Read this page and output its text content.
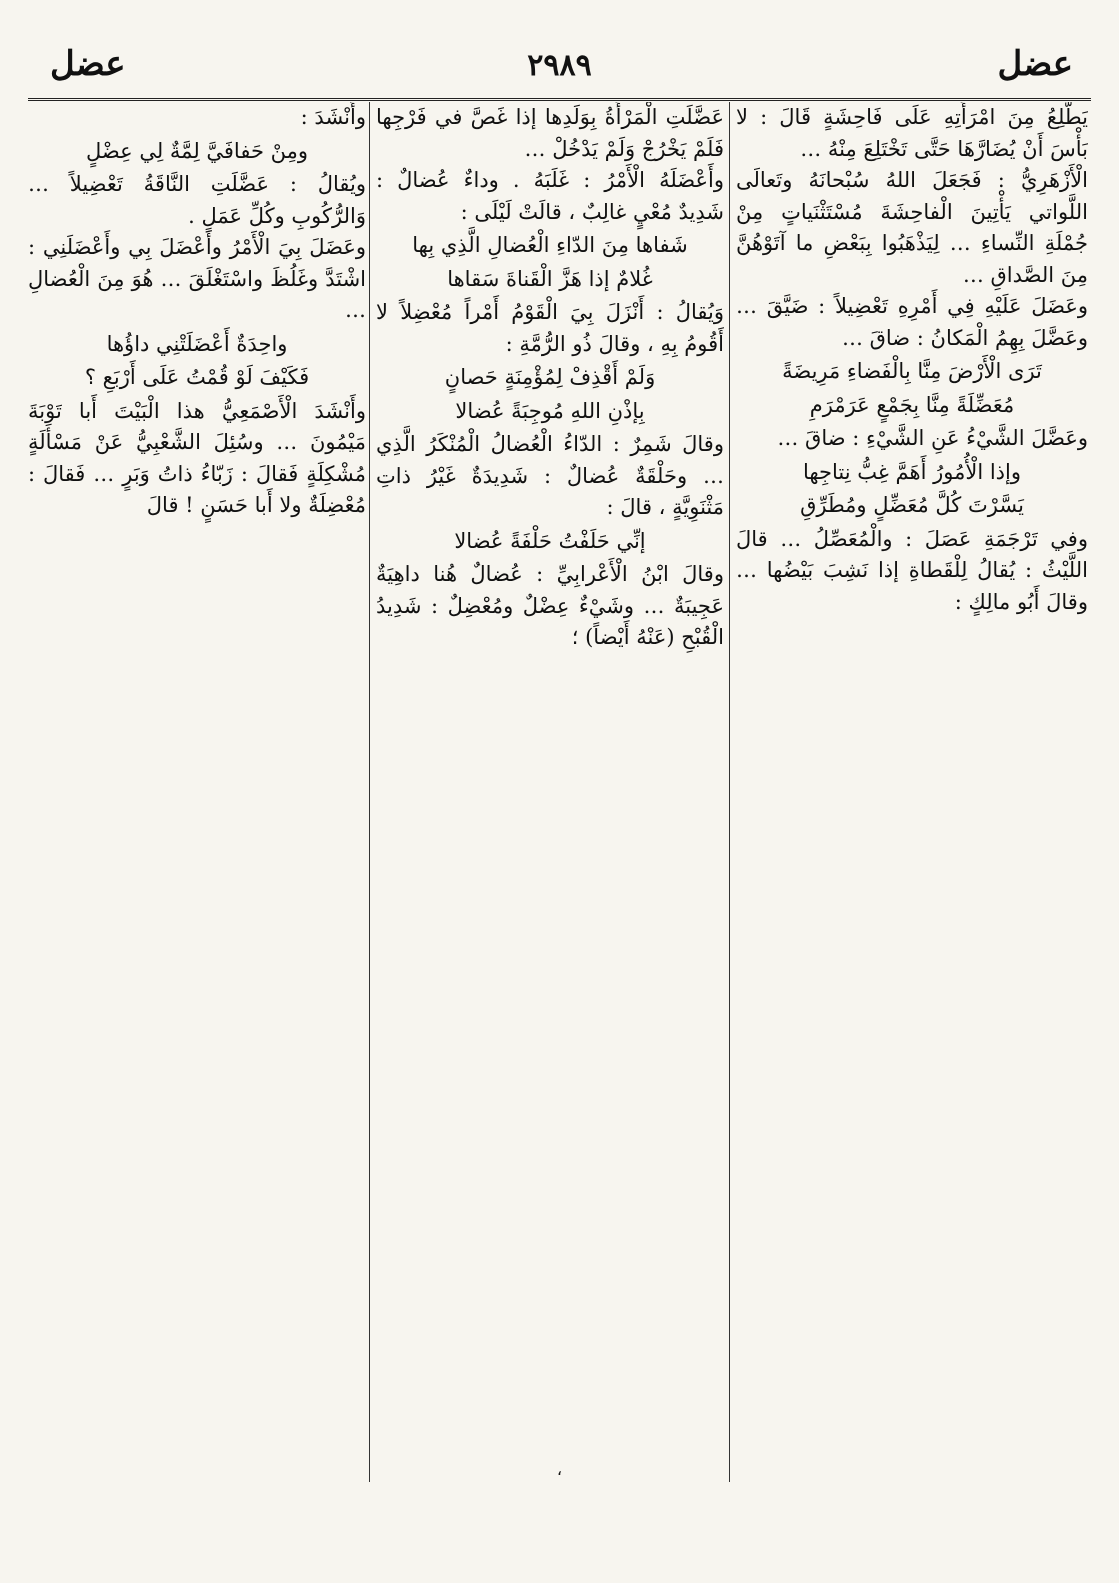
عضل
٢٩٨٩
عضل

يَطَّلِعُ مِنَ امْرَأَتِهِ عَلَى فَاحِشَةٍ قَالَ : لا بَأْسَ أَنْ يُضَارَّهَا حَتَّى تَخْتَلِعَ مِنْهُ …

الْأَزْهَرِيُّ : فَجَعَلَ اللهُ سُبْحانَهُ وتَعالَى اللَّواتي يَأْتِينَ الْفاحِشَةَ مُسْتَثْنَياتٍ مِنْ جُمْلَةِ النِّساءِ … لِيَذْهَبُوا بِبَعْضِ ما آتَوْهُنَّ مِنَ الصَّداقِ …

وعَضَلَ عَلَيْهِ فِي أَمْرِهِ تَعْضِيلاً : ضَيَّقَ … وعَضَّلَ بِهِمُ الْمَكانُ : ضاقَ …

تَرَى الْأَرْضَ مِنَّا بِالْفَضاءِ مَرِيضَةً

مُعَضِّلَةً مِنَّا بِجَمْعٍ عَرَمْرَمِ

وعَضَّلَ الشَّيْءُ عَنِ الشَّيْءِ : ضاقَ …

وإذا الْأُمُورُ أَهَمَّ غِبُّ نِتاجِها

يَسَّرْتَ كُلَّ مُعَضِّلٍ ومُطَرِّقِ

وفي تَرْجَمَةِ عَصَلَ : والْمُعَصِّلُ … قالَ اللَّيْثُ : يُقالُ لِلْقَطاةِ إذا نَشِبَ بَيْضُها … وقالَ أَبُو مالِكٍ :

عَضَّلَتِ الْمَرْأَةُ بِوَلَدِها إذا غَصَّ في فَرْجِها فَلَمْ يَخْرُجْ وَلَمْ يَدْخُلْ …

وأَعْضَلَهُ الْأَمْرُ : غَلَبَهُ . وداءٌ عُضالٌ : شَدِيدٌ مُعْيٍ غالِبٌ ، قالَتْ لَيْلَى :

شَفاها مِنَ الدّاءِ الْعُضالِ الَّذِي بِها

غُلامٌ إذا هَزَّ الْقَناةَ سَقاها

وَيُقالُ : أَنْزَلَ بِيَ الْقَوْمُ أَمْراً مُعْضِلاً لا أَقُومُ بِهِ ، وقالَ ذُو الرُّمَّةِ :

وَلَمْ أَقْذِفْ لِمُؤْمِنَةٍ حَصانٍ

بِإذْنِ اللهِ مُوجِبَةً عُضالا

وقالَ شَمِرٌ : الدّاءُ الْعُضالُ الْمُنْكَرُ الَّذِي … وحَلْقَةٌ عُضالٌ : شَدِيدَةٌ غَيْرُ ذاتِ مَثْنَوِيَّةٍ ، قالَ :

إنِّي حَلَفْتُ حَلْفَةً عُضالا

وقالَ ابْنُ الْأَعْرابِيِّ : عُضالٌ هُنا داهِيَةٌ عَجِيبَةٌ … وشَيْءٌ عِضْلٌ ومُعْضِلٌ : شَدِيدُ الْقُبْحِ (عَنْهُ أَيْضاً) ؛

وأَنْشَدَ :

ومِنْ حَفافَيَّ لِمَّةٌ لِي عِضْلٍ

ويُقالُ : عَضَّلَتِ النَّاقَةُ تَعْضِيلاً … وَالرُّكُوبِ وكُلِّ عَمَلٍ .

وعَضَلَ بِيَ الْأَمْرُ وأَعْضَلَ بِي وأَعْضَلَنِي : اشْتَدَّ وغَلُظَ واسْتَغْلَقَ … هُوَ مِنَ الْعُضالِ …

واحِدَةٌ أَعْضَلَتْنِي داؤُها

فَكَيْفَ لَوْ قُمْتُ عَلَى أَرْبَعِ ؟

وأَنْشَدَ الْأَصْمَعِيُّ هذا الْبَيْتَ أَبا تَوْبَةَ مَيْمُونَ … وسُئِلَ الشَّعْبِيُّ عَنْ مَسْأَلَةٍ مُشْكِلَةٍ فَقالَ : زَبّاءُ ذاتُ وَبَرٍ … فَقالَ : مُعْضِلَةٌ ولا أَبا حَسَنٍ ! قالَ

،
